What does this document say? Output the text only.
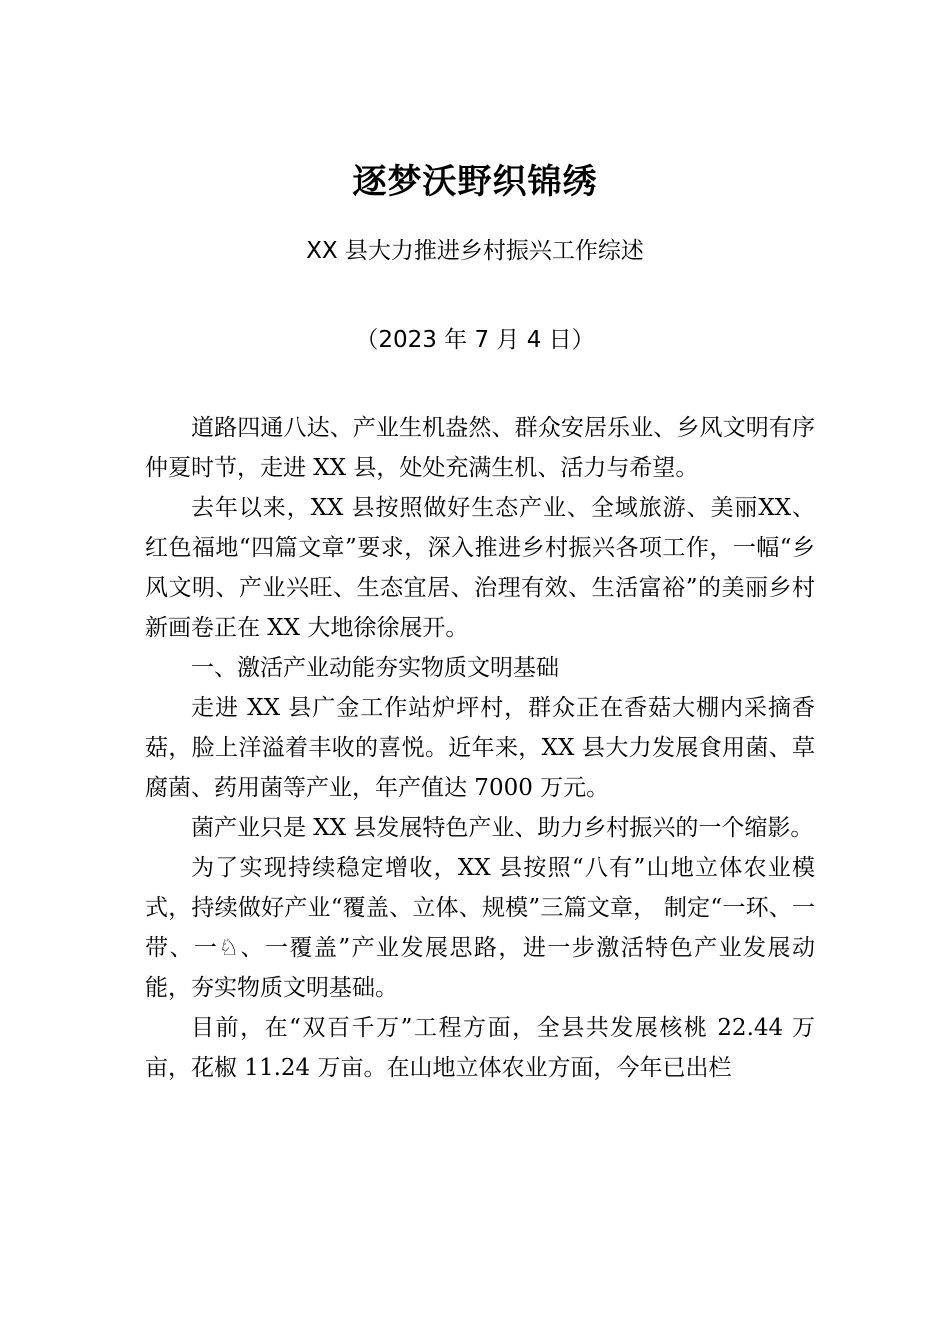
逐梦沃野织锦绣
XX 县大力推进乡村振兴工作综述
（2023 年 7 月 4 日）

道路四通八达、产业生机盎然、群众安居乐业、乡风文明有序仲夏时节，走进 XX 县，处处充满生机、活力与希望。

去年以来，XX 县按照做好生态产业、全域旅游、美丽XX、红色福地“四篇文章”要求，深入推进乡村振兴各项工作，一幅“乡风文明、产业兴旺、生态宜居、治理有效、生活富裕”的美丽乡村新画卷正在 XX 大地徐徐展开。

一、激活产业动能夯实物质文明基础

走进 XX 县广金工作站炉坪村，群众正在香菇大棚内采摘香菇，脸上洋溢着丰收的喜悦。近年来，XX 县大力发展食用菌、草腐菌、药用菌等产业，年产值达 7000 万元。

菌产业只是 XX 县发展特色产业、助力乡村振兴的一个缩影。

为了实现持续稳定增收，XX 县按照“八有”山地立体农业模式，持续做好产业“覆盖、立体、规模”三篇文章， 制定“一环、一带、一♘、一覆盖”产业发展思路，进一步激活特色产业发展动能，夯实物质文明基础。

目前，在“双百千万”工程方面，全县共发展核桃 22.44 万亩，花椒 11.24 万亩。在山地立体农业方面，今年已出栏
